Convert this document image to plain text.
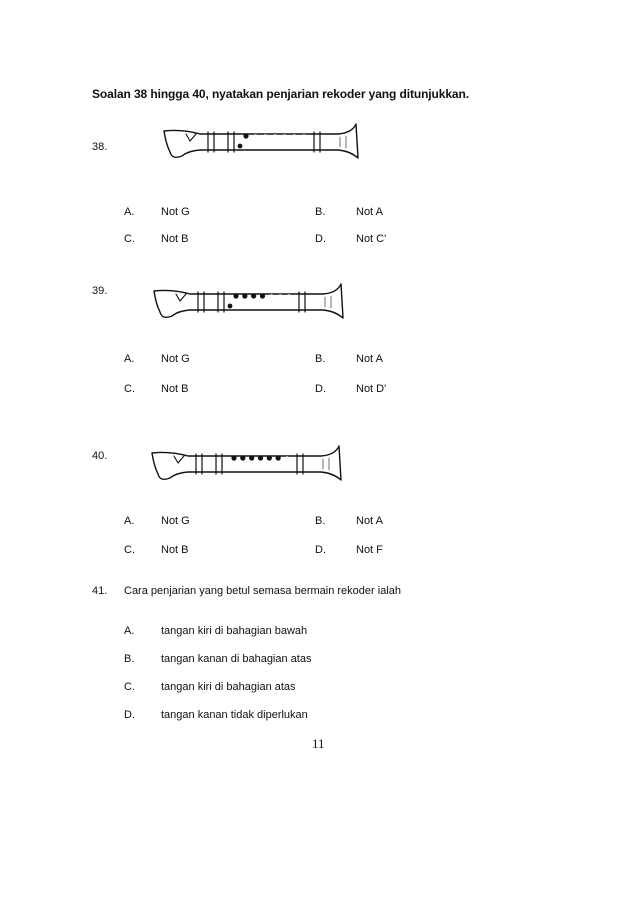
Soalan 38 hingga 40, nyatakan penjarian rekoder yang ditunjukkan.
38.
A. Not G	B.	Not A
C. Not B	D.	Not C'
39.
A. Not G	B.	Not A
C. Not B	D.	Not D'
40.
A. Not G	B.	Not A
C. Not B	D.	Not F
41. Cara penjarian yang betul semasa bermain rekoder ialah
A. tangan kiri di bahagian bawah
B. tangan kanan di bahagian atas
C. tangan kiri di bahagian atas
D. tangan kanan tidak diperlukan
11
